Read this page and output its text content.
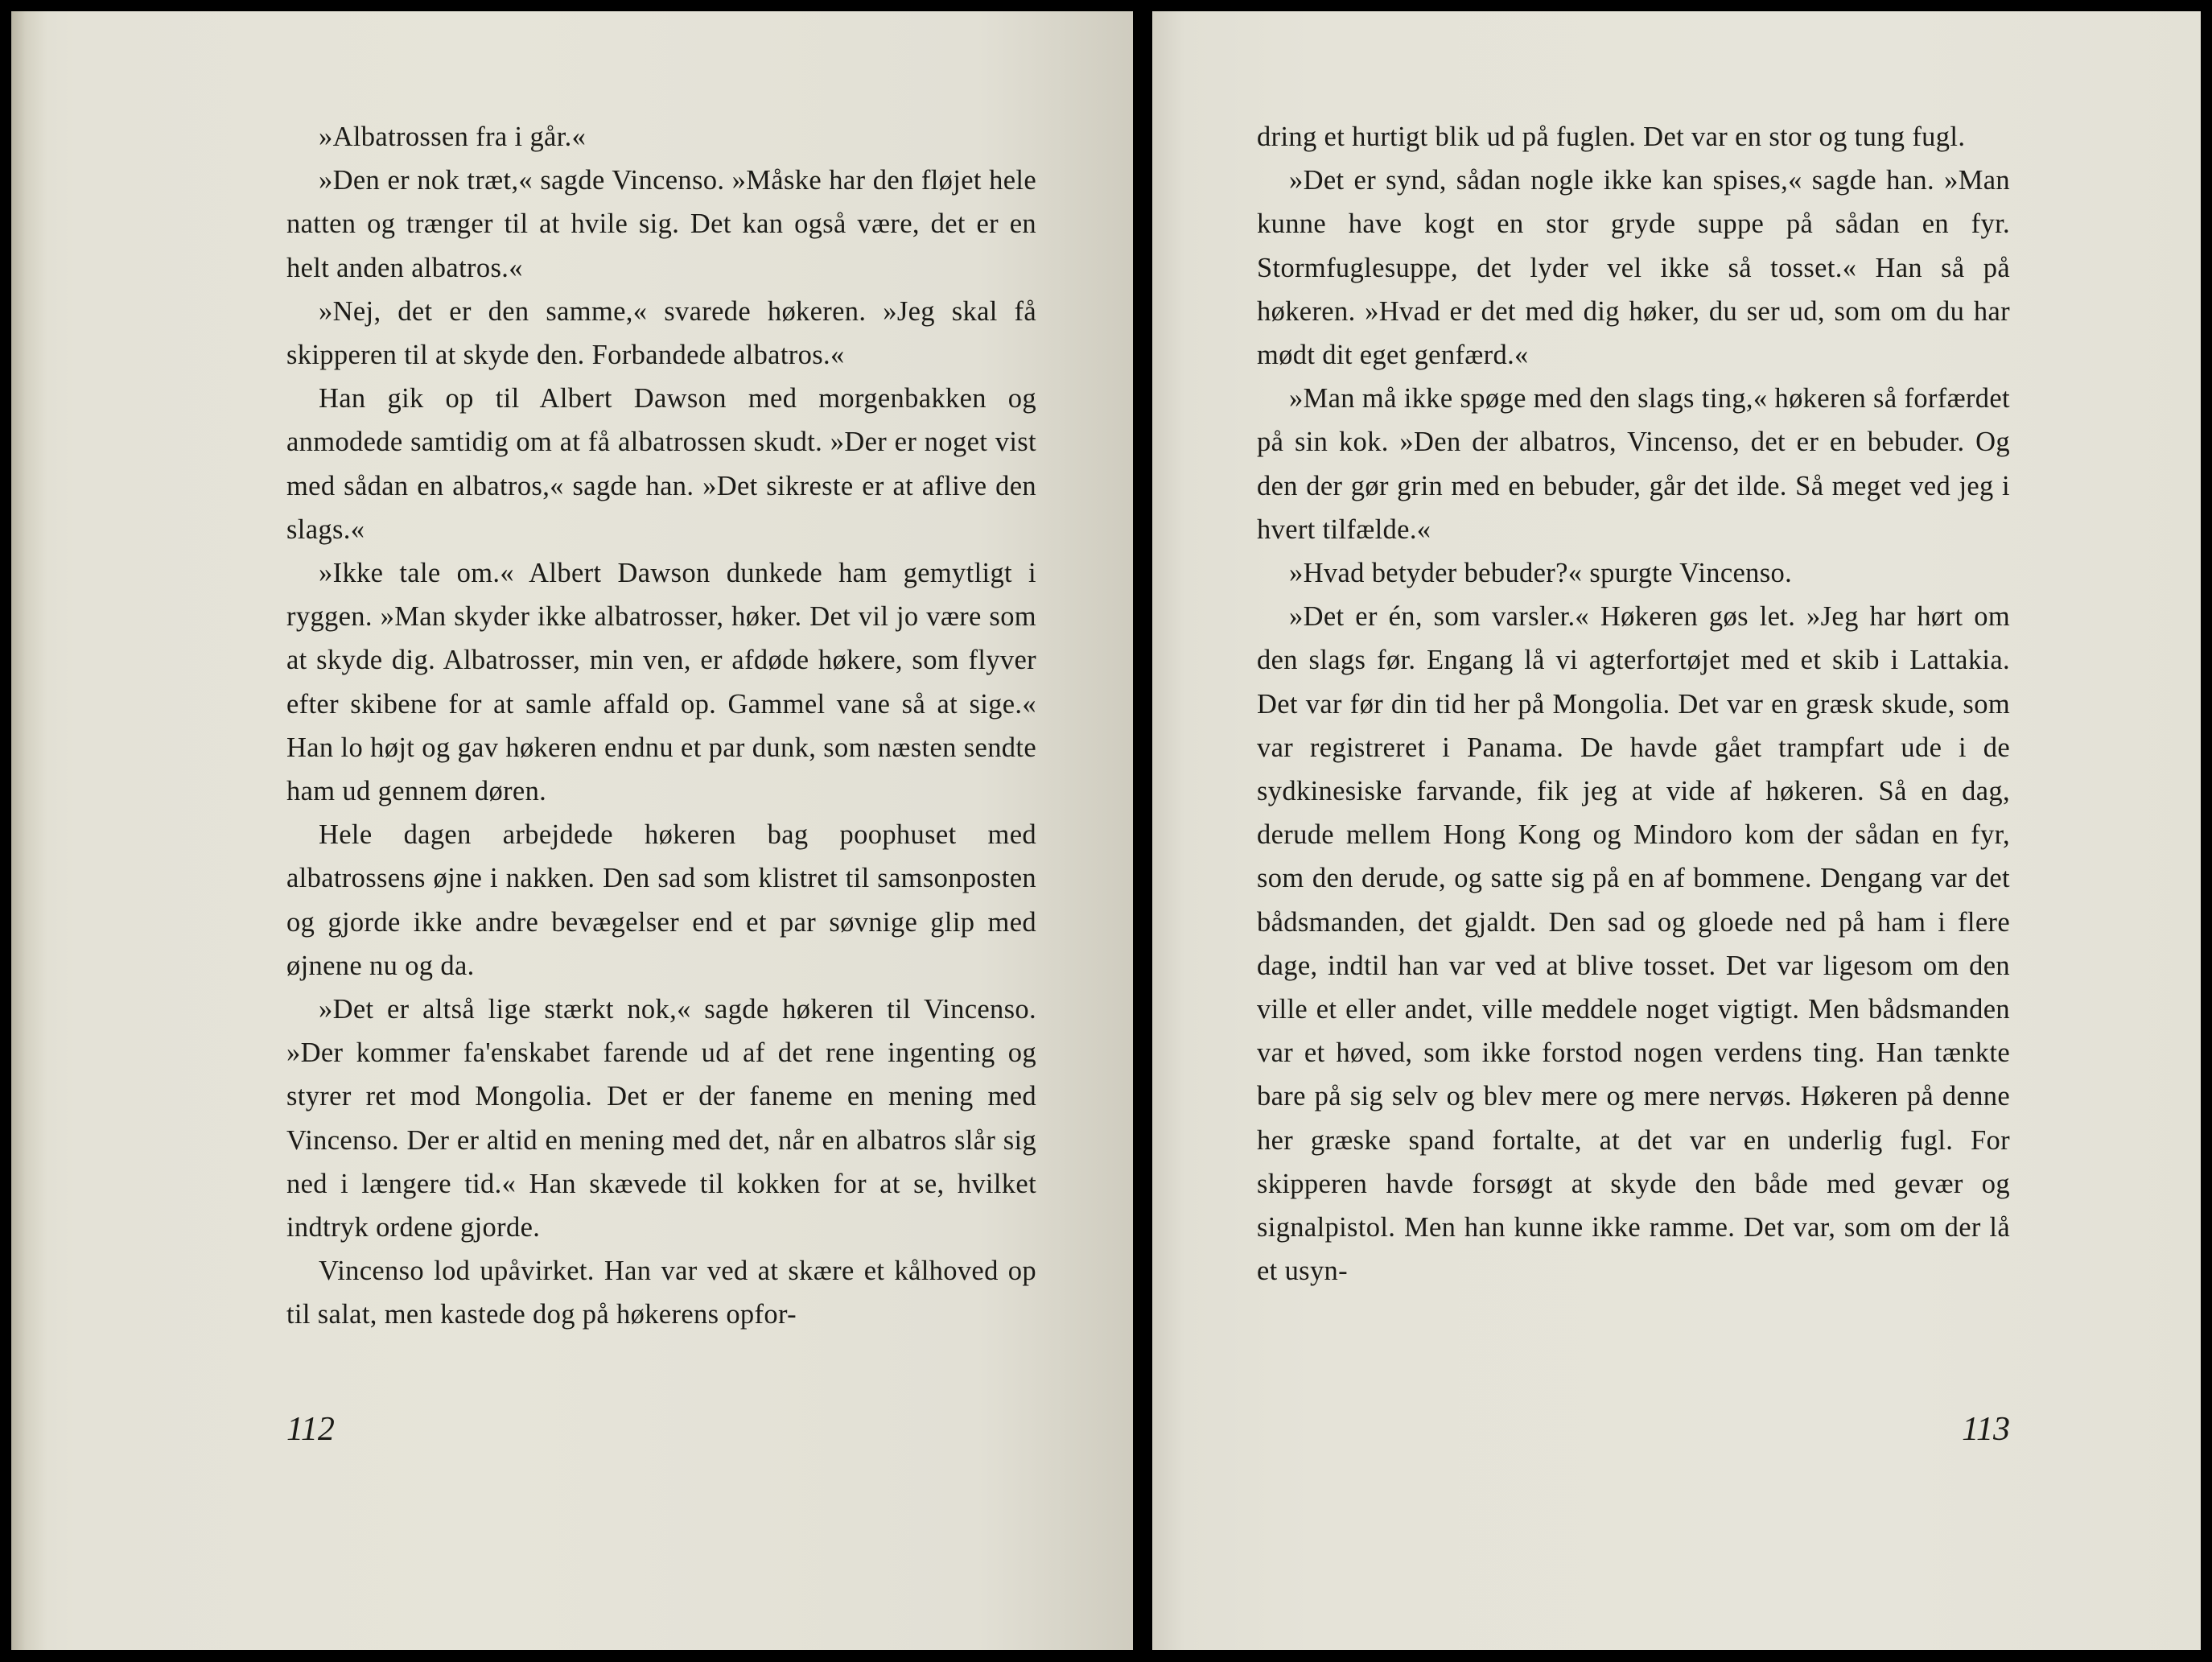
»Albatrossen fra i går.«

»Den er nok træt,« sagde Vincenso. »Måske har den fløjet hele natten og trænger til at hvile sig. Det kan også være, det er en helt anden albatros.«

»Nej, det er den samme,« svarede høkeren. »Jeg skal få skipperen til at skyde den. Forbandede albatros.«

Han gik op til Albert Dawson med morgenbakken og anmodede samtidig om at få albatrossen skudt. »Der er noget vist med sådan en albatros,« sagde han. »Det sikreste er at aflive den slags.«

»Ikke tale om.« Albert Dawson dunkede ham gemytligt i ryggen. »Man skyder ikke albatrosser, høker. Det vil jo være som at skyde dig. Albatrosser, min ven, er afdøde høkere, som flyver efter skibene for at samle affald op. Gammel vane så at sige.« Han lo højt og gav høkeren endnu et par dunk, som næsten sendte ham ud gennem døren.

Hele dagen arbejdede høkeren bag poophuset med albatrossens øjne i nakken. Den sad som klistret til samsonposten og gjorde ikke andre bevægelser end et par søvnige glip med øjnene nu og da.

»Det er altså lige stærkt nok,« sagde høkeren til Vincenso. »Der kommer fa'enskabet farende ud af det rene ingenting og styrer ret mod Mongolia. Det er der faneme en mening med Vincenso. Der er altid en mening med det, når en albatros slår sig ned i længere tid.« Han skævede til kokken for at se, hvilket indtryk ordene gjorde.

Vincenso lod upåvirket. Han var ved at skære et kålhoved op til salat, men kastede dog på høkerens opfor-

112

dring et hurtigt blik ud på fuglen. Det var en stor og tung fugl.

»Det er synd, sådan nogle ikke kan spises,« sagde han. »Man kunne have kogt en stor gryde suppe på sådan en fyr. Stormfuglesuppe, det lyder vel ikke så tosset.« Han så på høkeren. »Hvad er det med dig høker, du ser ud, som om du har mødt dit eget genfærd.«

»Man må ikke spøge med den slags ting,« høkeren så forfærdet på sin kok. »Den der albatros, Vincenso, det er en bebuder. Og den der gør grin med en bebuder, går det ilde. Så meget ved jeg i hvert tilfælde.«

»Hvad betyder bebuder?« spurgte Vincenso.

»Det er én, som varsler.« Høkeren gøs let. »Jeg har hørt om den slags før. Engang lå vi agterfortøjet med et skib i Lattakia. Det var før din tid her på Mongolia. Det var en græsk skude, som var registreret i Panama. De havde gået trampfart ude i de sydkinesiske farvande, fik jeg at vide af høkeren. Så en dag, derude mellem Hong Kong og Mindoro kom der sådan en fyr, som den derude, og satte sig på en af bommene. Dengang var det bådsmanden, det gjaldt. Den sad og gloede ned på ham i flere dage, indtil han var ved at blive tosset. Det var ligesom om den ville et eller andet, ville meddele noget vigtigt. Men bådsmanden var et høved, som ikke forstod nogen verdens ting. Han tænkte bare på sig selv og blev mere og mere nervøs. Høkeren på denne her græske spand fortalte, at det var en underlig fugl. For skipperen havde forsøgt at skyde den både med gevær og signalpistol. Men han kunne ikke ramme. Det var, som om der lå et usyn-

113
